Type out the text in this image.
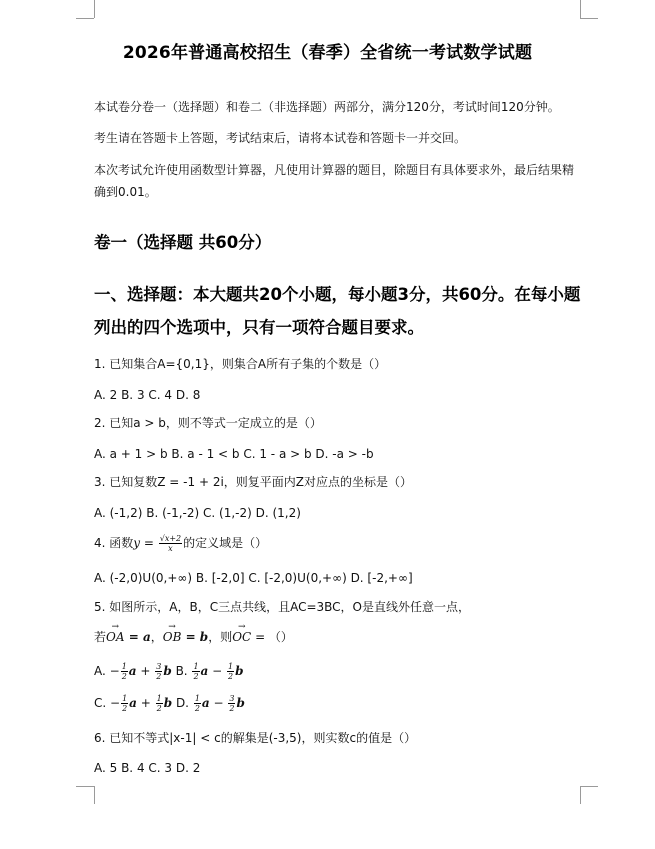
2026年普通高校招生（春季）全省统一考试数学试题
本试卷分卷一（选择题）和卷二（非选择题）两部分，满分120分，考试时间120分钟。
考生请在答题卡上答题，考试结束后，请将本试卷和答题卡一并交回。
本次考试允许使用函数型计算器，凡使用计算器的题目，除题目有具体要求外，最后结果精确到0.01。
卷一（选择题 共60分）
一、选择题：本大题共20个小题，每小题3分，共60分。在每小题列出的四个选项中，只有一项符合题目要求。
1. 已知集合A={0,1}，则集合A所有子集的个数是（）
A. 2 B. 3 C. 4 D. 8
2. 已知a > b，则不等式一定成立的是（）
A. a + 1 > b B. a - 1 < b C. 1 - a > b D. -a > -b
3. 已知复数Z = -1 + 2i，则复平面内Z对应点的坐标是（）
A. (-1,2) B. (-1,-2) C. (1,-2) D. (1,2)
4. 函数$y = \frac{√x+2}{x}$ 的定义域是（）
A. (-2,0)U(0,+∞) B. [-2,0] C. [-2,0)U(0,+∞) D. [-2,+∞]
5. 如图所示，A，B，C三点共线，且AC=3BC，O是直线外任意一点，
若→ OA = a，→ OB = b，则→ OC = （）
A. − $\frac{1}{2}$ $a + \frac{3}{2}$ b B. $\frac{1}{2}$ $a - \frac{1}{2}$ b
C. − $\frac{1}{2}$ $a + \frac{1}{2}$ b D. $\frac{1}{2}$ $a - \frac{3}{2}$ b
6. 已知不等式|x-1| < c的解集是(-3,5)，则实数c的值是（）
A. 5 B. 4 C. 3 D. 2
